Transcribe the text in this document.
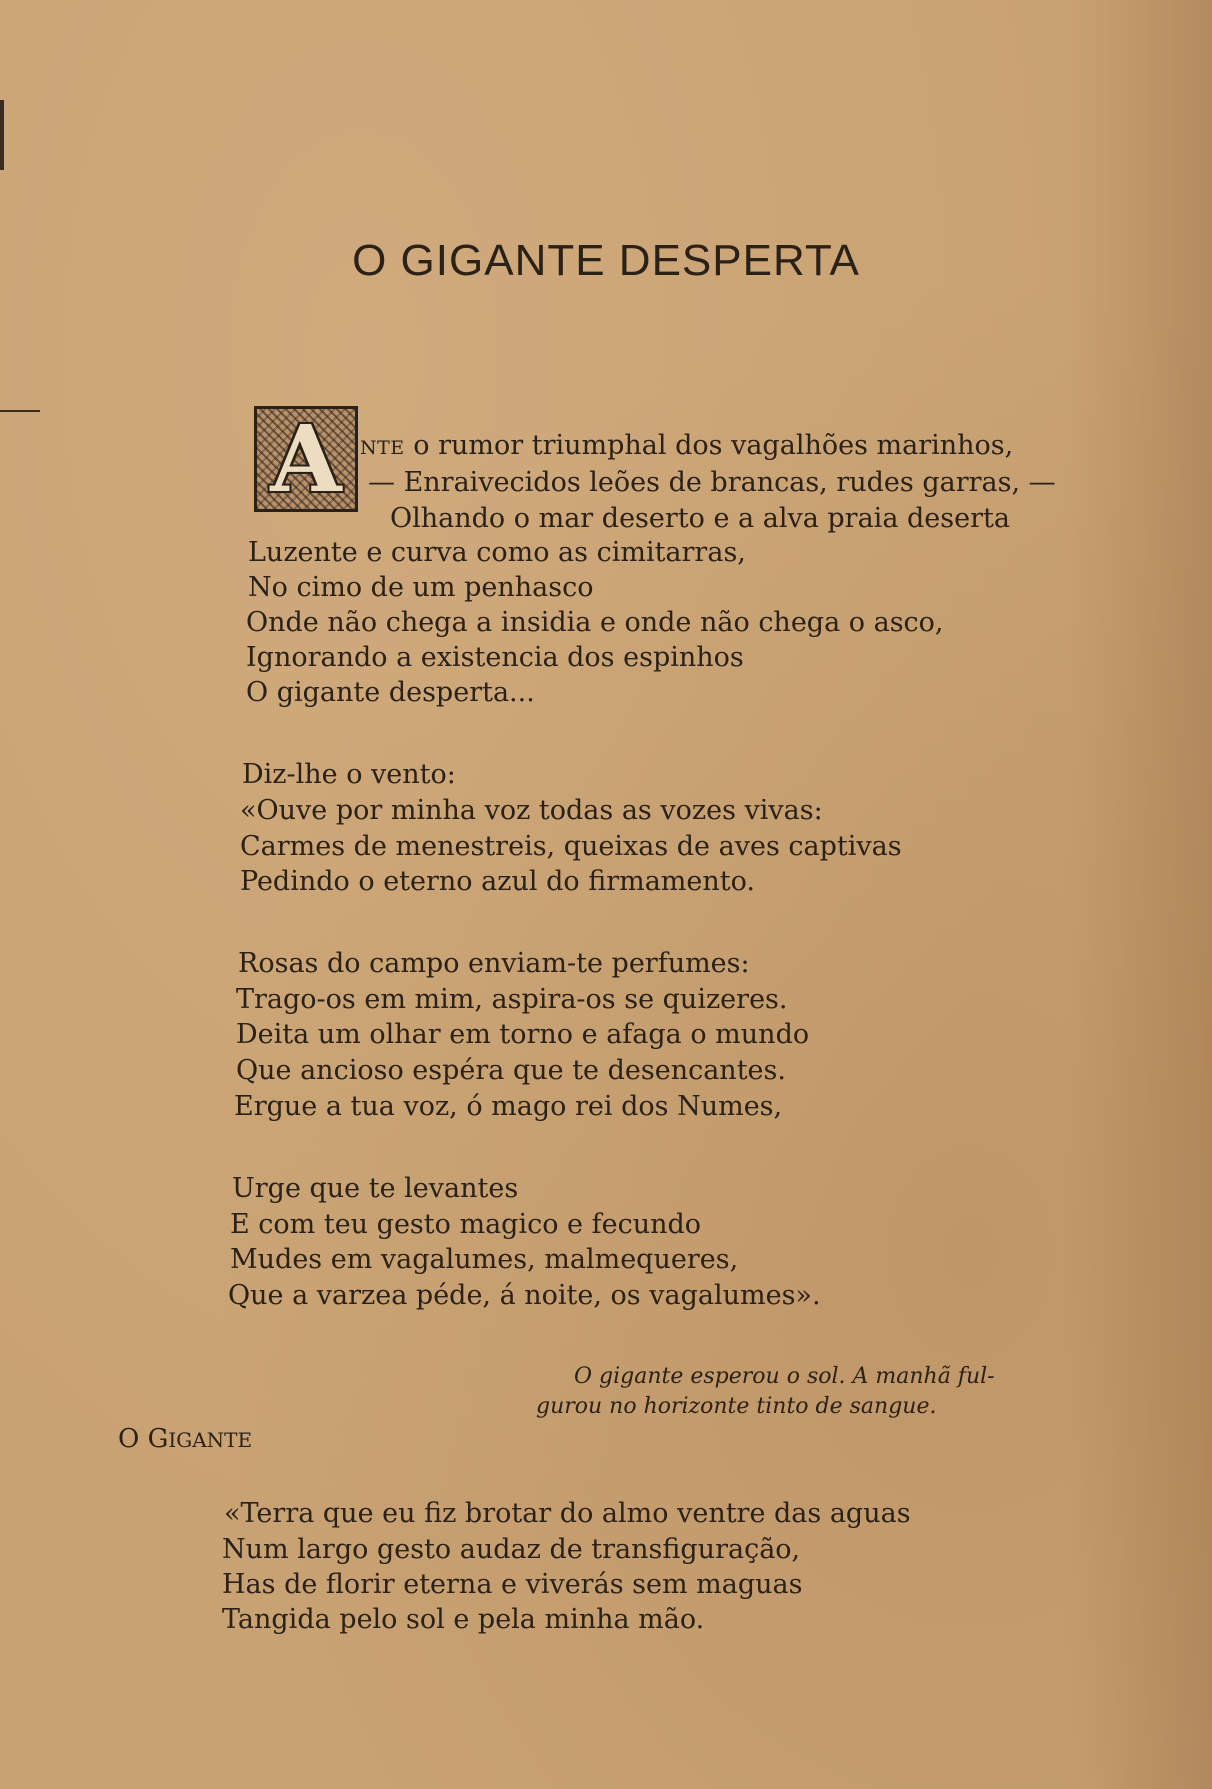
O GIGANTE DESPERTA
A NTE o rumor triumphal dos vagalhões marinhos,
— Enraivecidos leões de brancas, rudes garras, —
Olhando o mar deserto e a alva praia deserta
Luzente e curva como as cimitarras,
No cimo de um penhasco
Onde não chega a insidia e onde não chega o asco,
Ignorando a existencia dos espinhos
O gigante desperta...
Diz-lhe o vento:
«Ouve por minha voz todas as vozes vivas:
Carmes de menestreis, queixas de aves captivas
Pedindo o eterno azul do firmamento.
Rosas do campo enviam-te perfumes:
Trago-os em mim, aspira-os se quizeres.
Deita um olhar em torno e afaga o mundo
Que ancioso espéra que te desencantes.
Ergue a tua voz, ó mago rei dos Numes,
Urge que te levantes
E com teu gesto magico e fecundo
Mudes em vagalumes, malmequeres,
Que a varzea péde, á noite, os vagalumes».
O gigante esperou o sol. A manhã ful-
gurou no horizonte tinto de sangue.
O GIGANTE
«Terra que eu fiz brotar do almo ventre das aguas
Num largo gesto audaz de transfiguração,
Has de florir eterna e viverás sem maguas
Tangida pelo sol e pela minha mão.
